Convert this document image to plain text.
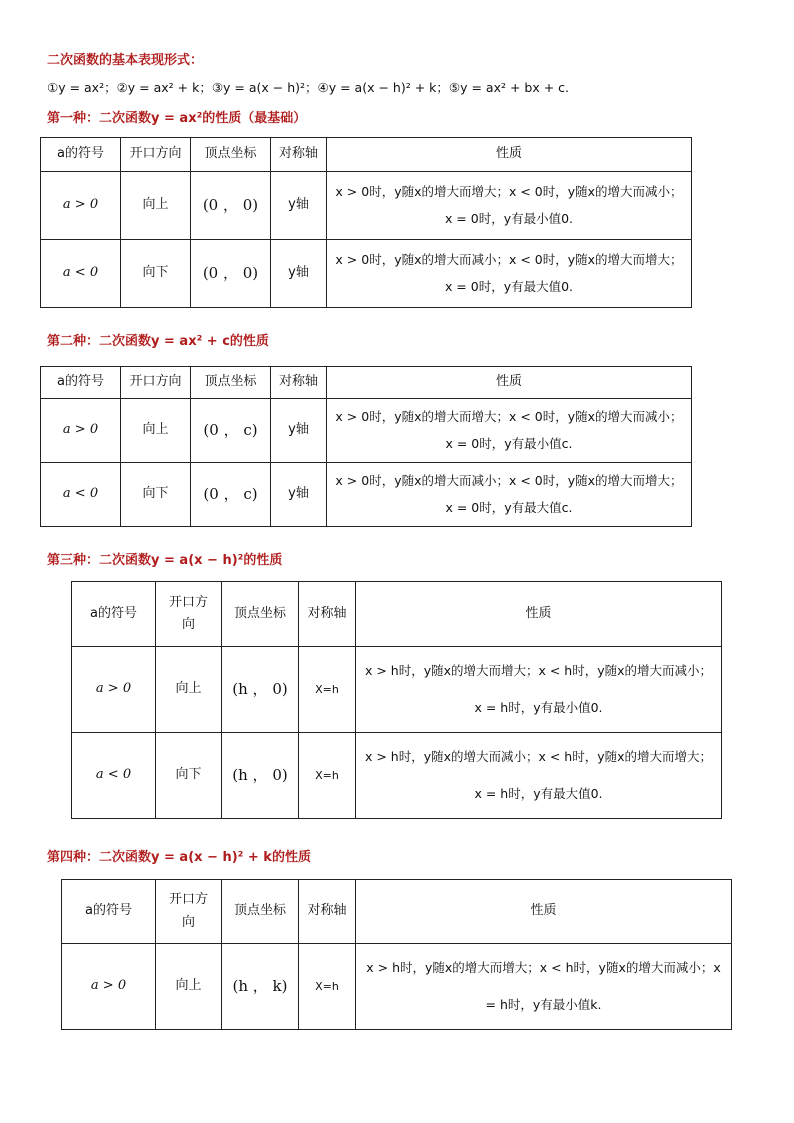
二次函数的基本表现形式：
①y = ax²；②y = ax² + k；③y = a(x − h)²；④y = a(x − h)² + k；⑤y = ax² + bx + c.
第一种：二次函数y = ax²的性质（最基础）
a的符号	开口方向	顶点坐标	对称轴	性质
a > 0	向上	(0 ， 0)	y轴	x > 0时，y随x的增大而增大；x < 0时，y随x的增大而减小；x = 0时，y有最小值0.
a < 0	向下	(0 ， 0)	y轴	x > 0时，y随x的增大而减小；x < 0时，y随x的增大而增大；x = 0时，y有最大值0.
第二种：二次函数y = ax² + c的性质
a的符号	开口方向	顶点坐标	对称轴	性质
a > 0	向上	(0 ， c)	y轴	x > 0时，y随x的增大而增大；x < 0时，y随x的增大而减小；x = 0时，y有最小值c.
a < 0	向下	(0 ， c)	y轴	x > 0时，y随x的增大而减小；x < 0时，y随x的增大而增大；x = 0时，y有最大值c.
第三种：二次函数y = a(x − h)²的性质
a的符号	开口方向	顶点坐标	对称轴	性质
a > 0	向上	(h ， 0)	X=h	x > h时，y随x的增大而增大；x < h时，y随x的增大而减小；x = h时，y有最小值0.
a < 0	向下	(h ， 0)	X=h	x > h时，y随x的增大而减小；x < h时，y随x的增大而增大；x = h时，y有最大值0.
第四种：二次函数y = a(x − h)² + k的性质
a的符号	开口方向	顶点坐标	对称轴	性质
a > 0	向上	(h ， k)	X=h	x > h时，y随x的增大而增大；x < h时，y随x的增大而减小；x = h时，y有最小值k.
